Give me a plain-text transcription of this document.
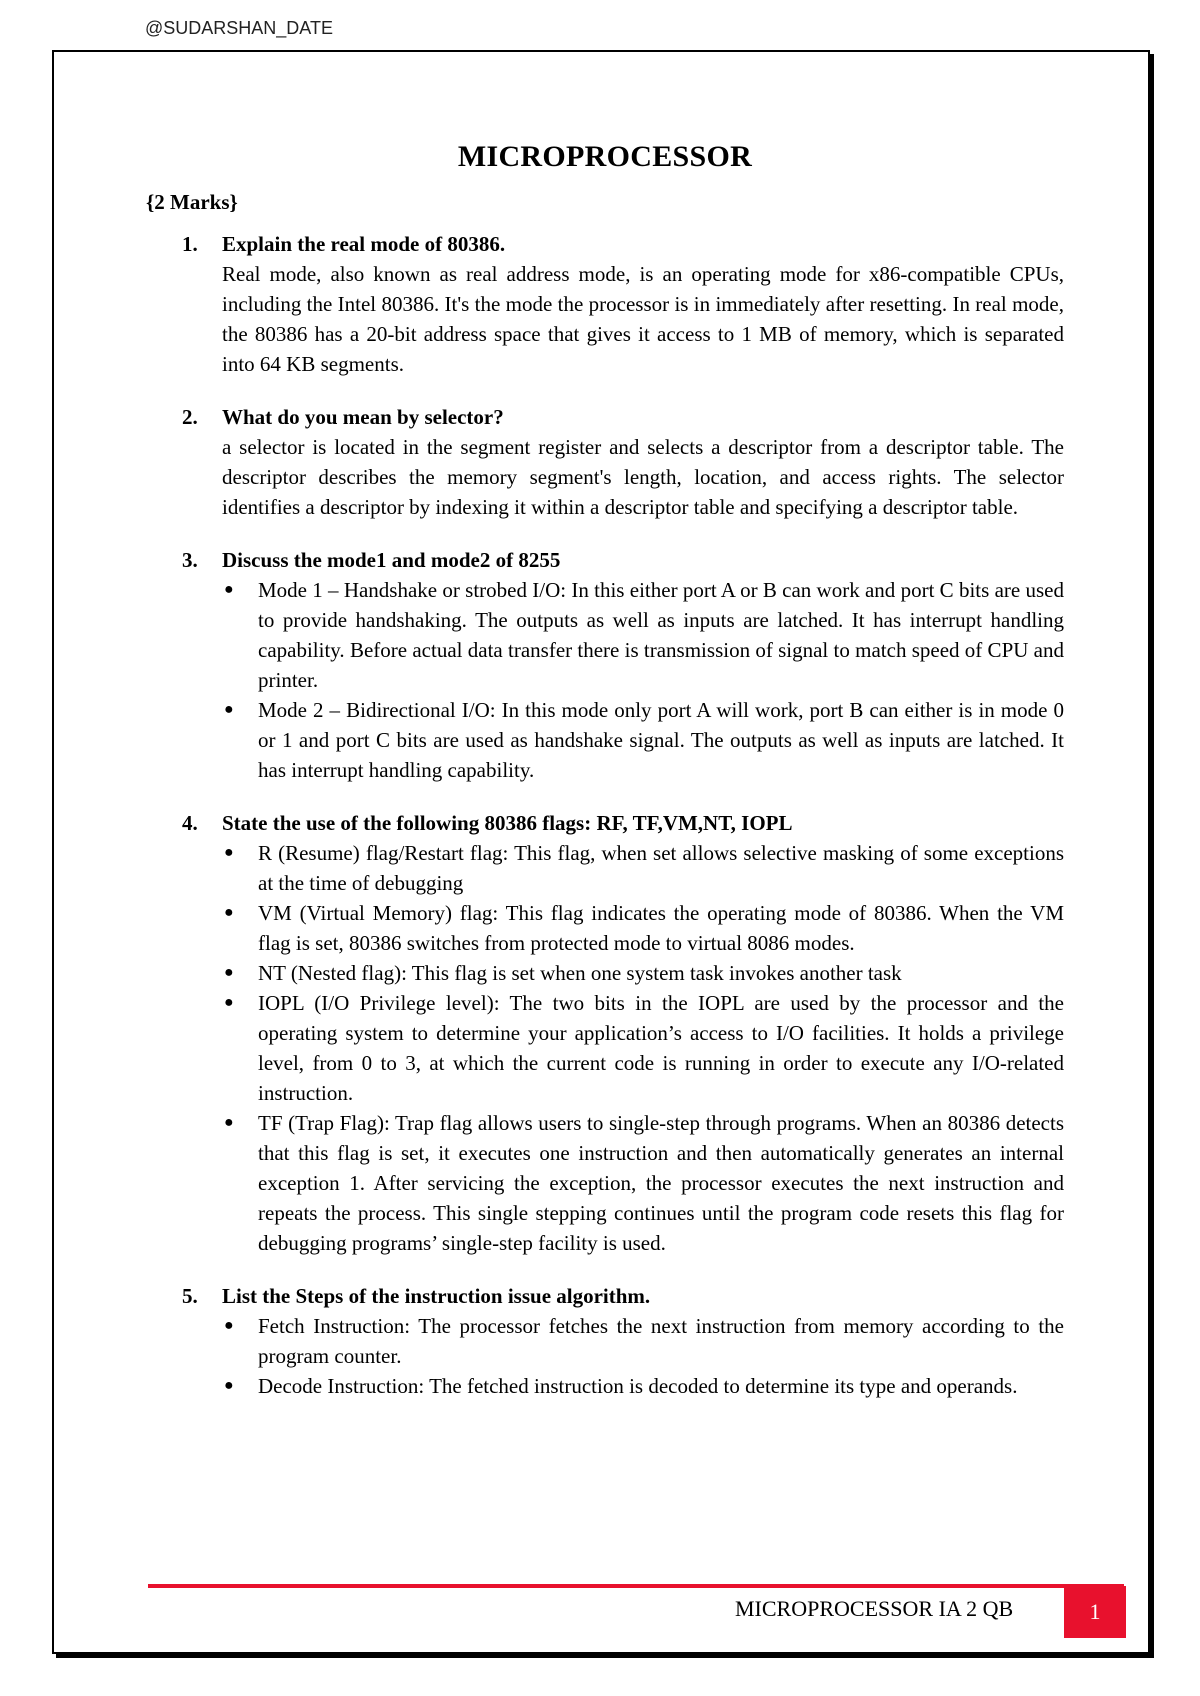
@SUDARSHAN_DATE
MICROPROCESSOR
{2 Marks}
1.	Explain the real mode of 80386.
Real mode, also known as real address mode, is an operating mode for x86-compatible CPUs, including the Intel 80386. It's the mode the processor is in immediately after resetting. In real mode, the 80386 has a 20-bit address space that gives it access to 1 MB of memory, which is separated into 64 KB segments.
2.	What do you mean by selector?
a selector is located in the segment register and selects a descriptor from a descriptor table. The descriptor describes the memory segment's length, location, and access rights. The selector identifies a descriptor by indexing it within a descriptor table and specifying a descriptor table.
3.	Discuss the mode1 and mode2 of 8255
● Mode 1 – Handshake or strobed I/O: In this either port A or B can work and port C bits are used to provide handshaking. The outputs as well as inputs are latched. It has interrupt handling capability. Before actual data transfer there is transmission of signal to match speed of CPU and printer.
● Mode 2 – Bidirectional I/O: In this mode only port A will work, port B can either is in mode 0 or 1 and port C bits are used as handshake signal. The outputs as well as inputs are latched. It has interrupt handling capability.
4.	State the use of the following 80386 flags: RF, TF,VM,NT, IOPL
● R (Resume) flag/Restart flag: This flag, when set allows selective masking of some exceptions at the time of debugging
● VM (Virtual Memory) flag: This flag indicates the operating mode of 80386. When the VM flag is set, 80386 switches from protected mode to virtual 8086 modes.
● NT (Nested flag): This flag is set when one system task invokes another task
● IOPL (I/O Privilege level): The two bits in the IOPL are used by the processor and the operating system to determine your application’s access to I/O facilities. It holds a privilege level, from 0 to 3, at which the current code is running in order to execute any I/O-related instruction.
● TF (Trap Flag): Trap flag allows users to single-step through programs. When an 80386 detects that this flag is set, it executes one instruction and then automatically generates an internal exception 1. After servicing the exception, the processor executes the next instruction and repeats the process. This single stepping continues until the program code resets this flag for debugging programs’ single-step facility is used.
5.	List the Steps of the instruction issue algorithm.
● Fetch Instruction: The processor fetches the next instruction from memory according to the program counter.
● Decode Instruction: The fetched instruction is decoded to determine its type and operands.
MICROPROCESSOR IA 2 QB	1
